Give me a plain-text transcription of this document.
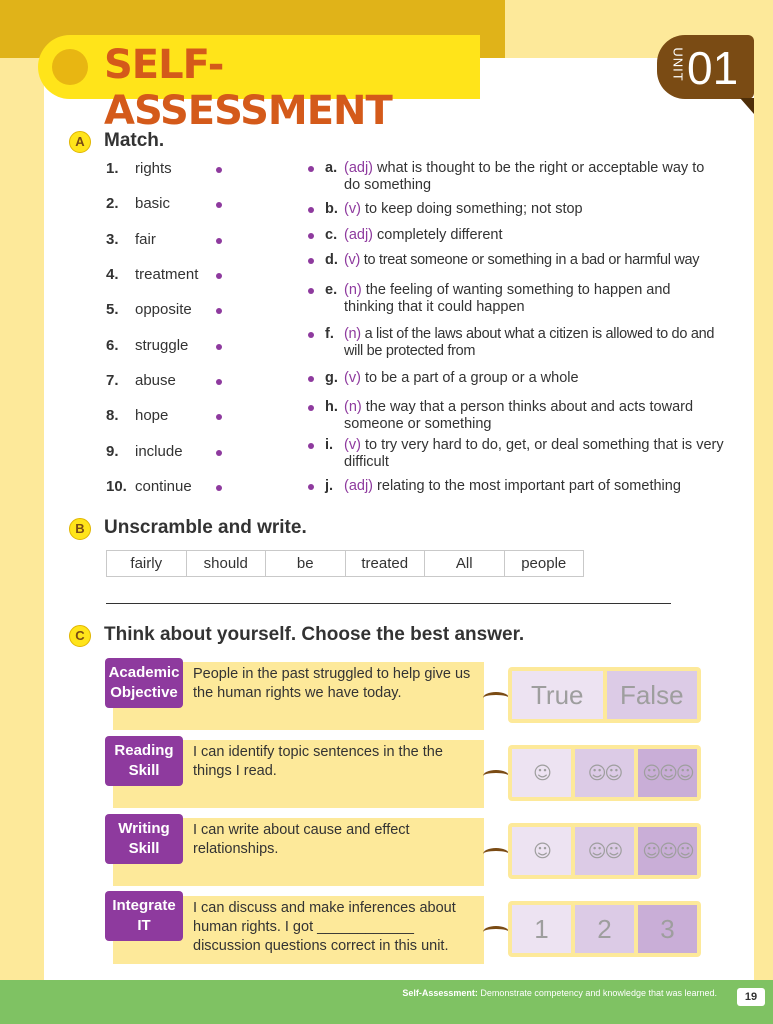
SELF-ASSESSMENT
UNIT 01
A	Match.
1. rights
2. basic
3. fair
4. treatment
5. opposite
6. struggle
7. abuse
8. hope
9. include
10. continue
a. (adj) what is thought to be the right or acceptable way to do something
b. (v) to keep doing something; not stop
c. (adj) completely different
d. (v) to treat someone or something in a bad or harmful way
e. (n) the feeling of wanting something to happen and thinking that it could happen
f. (n) a list of the laws about what a citizen is allowed to do and will be protected from
g. (v) to be a part of a group or a whole
h. (n) the way that a person thinks about and acts toward someone or something
i. (v) to try very hard to do, get, or deal something that is very difficult
j. (adj) relating to the most important part of something
B	Unscramble and write.
fairly	should	be	treated	All	people
C	Think about yourself. Choose the best answer.
Academic Objective
People in the past struggled to help give us the human rights we have today.	True	False
Reading Skill
I can identify topic sentences in the the things I read.	☺	☺☺	☺☺☺
Writing Skill
I can write about cause and effect relationships.	☺	☺☺	☺☺☺
Integrate IT
I can discuss and make inferences about human rights. I got ____________ discussion questions correct in this unit.
1	2	3
Self-Assessment: Demonstrate competency and knowledge that was learned.	19
